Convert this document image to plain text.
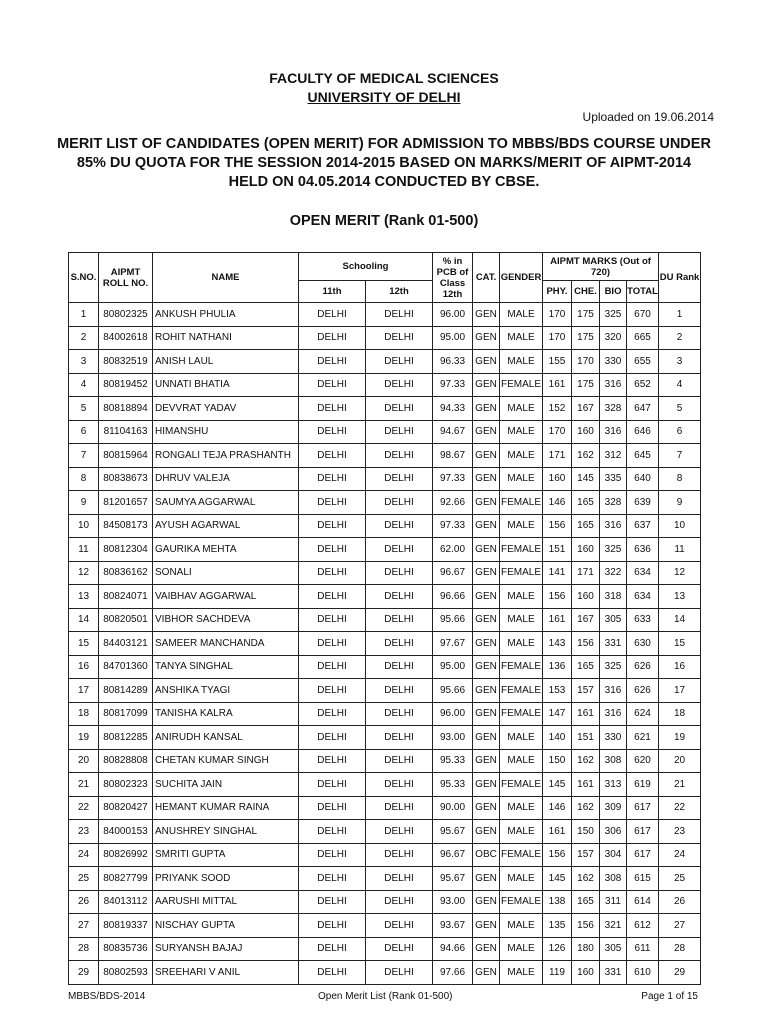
FACULTY OF MEDICAL SCIENCES
UNIVERSITY OF DELHI
Uploaded on 19.06.2014
MERIT LIST OF CANDIDATES (OPEN MERIT) FOR ADMISSION TO MBBS/BDS COURSE UNDER
85% DU QUOTA FOR THE SESSION 2014-2015 BASED ON MARKS/MERIT OF AIPMT-2014
HELD ON 04.05.2014 CONDUCTED BY CBSE.
OPEN MERIT (Rank 01-500)
S.NO.	AIPMT ROLL NO.	NAME	Schooling		% in PCB of Class 12th	CAT.	GENDER	AIPMT MARKS (Out of 720)				DU Rank
			11th	12th				PHY.	CHE.	BIO	TOTAL	
1	80802325	ANKUSH PHULIA	DELHI	DELHI	96.00	GEN	MALE	170	175	325	670	1
2	84002618	ROHIT NATHANI	DELHI	DELHI	95.00	GEN	MALE	170	175	320	665	2
3	80832519	ANISH LAUL	DELHI	DELHI	96.33	GEN	MALE	155	170	330	655	3
4	80819452	UNNATI BHATIA	DELHI	DELHI	97.33	GEN	FEMALE	161	175	316	652	4
5	80818894	DEVVRAT YADAV	DELHI	DELHI	94.33	GEN	MALE	152	167	328	647	5
6	81104163	HIMANSHU	DELHI	DELHI	94.67	GEN	MALE	170	160	316	646	6
7	80815964	RONGALI TEJA PRASHANTH	DELHI	DELHI	98.67	GEN	MALE	171	162	312	645	7
8	80838673	DHRUV VALEJA	DELHI	DELHI	97.33	GEN	MALE	160	145	335	640	8
9	81201657	SAUMYA AGGARWAL	DELHI	DELHI	92.66	GEN	FEMALE	146	165	328	639	9
10	84508173	AYUSH AGARWAL	DELHI	DELHI	97.33	GEN	MALE	156	165	316	637	10
11	80812304	GAURIKA MEHTA	DELHI	DELHI	62.00	GEN	FEMALE	151	160	325	636	11
12	80836162	SONALI	DELHI	DELHI	96.67	GEN	FEMALE	141	171	322	634	12
13	80824071	VAIBHAV AGGARWAL	DELHI	DELHI	96.66	GEN	MALE	156	160	318	634	13
14	80820501	VIBHOR SACHDEVA	DELHI	DELHI	95.66	GEN	MALE	161	167	305	633	14
15	84403121	SAMEER MANCHANDA	DELHI	DELHI	97.67	GEN	MALE	143	156	331	630	15
16	84701360	TANYA SINGHAL	DELHI	DELHI	95.00	GEN	FEMALE	136	165	325	626	16
17	80814289	ANSHIKA TYAGI	DELHI	DELHI	95.66	GEN	FEMALE	153	157	316	626	17
18	80817099	TANISHA KALRA	DELHI	DELHI	96.00	GEN	FEMALE	147	161	316	624	18
19	80812285	ANIRUDH KANSAL	DELHI	DELHI	93.00	GEN	MALE	140	151	330	621	19
20	80828808	CHETAN KUMAR SINGH	DELHI	DELHI	95.33	GEN	MALE	150	162	308	620	20
21	80802323	SUCHITA JAIN	DELHI	DELHI	95.33	GEN	FEMALE	145	161	313	619	21
22	80820427	HEMANT KUMAR RAINA	DELHI	DELHI	90.00	GEN	MALE	146	162	309	617	22
23	84000153	ANUSHREY SINGHAL	DELHI	DELHI	95.67	GEN	MALE	161	150	306	617	23
24	80826992	SMRITI GUPTA	DELHI	DELHI	96.67	OBC	FEMALE	156	157	304	617	24
25	80827799	PRIYANK SOOD	DELHI	DELHI	95.67	GEN	MALE	145	162	308	615	25
26	84013112	AARUSHI MITTAL	DELHI	DELHI	93.00	GEN	FEMALE	138	165	311	614	26
27	80819337	NISCHAY GUPTA	DELHI	DELHI	93.67	GEN	MALE	135	156	321	612	27
28	80835736	SURYANSH BAJAJ	DELHI	DELHI	94.66	GEN	MALE	126	180	305	611	28
29	80802593	SREEHARI V ANIL	DELHI	DELHI	97.66	GEN	MALE	119	160	331	610	29
MBBS/BDS-2014	Open Merit List (Rank 01-500)	Page 1 of 15
